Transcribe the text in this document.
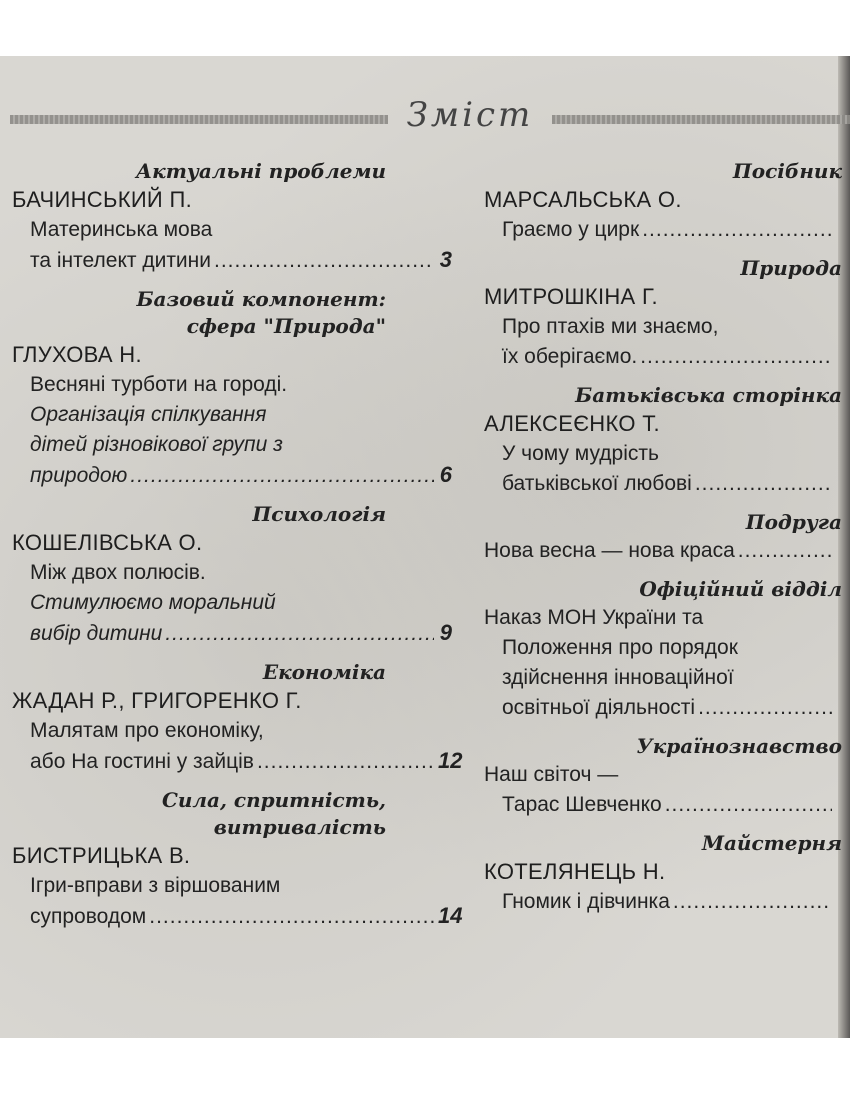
Зміст
Актуальні проблеми
БАЧИНСЬКИЙ П.
Материнська мова
та інтелект дитини .....	3
Базовий компонент:
сфера "Природа"
ГЛУХОВА Н.
Весняні турботи на городі.
Організація спілкування
дітей різновікової групи з
природою .....	6
Психологія
КОШЕЛІВСЬКА О.
Між двох полюсів.
Стимулюємо моральний
вибір дитини .....	9
Економіка
ЖАДАН Р., ГРИГОРЕНКО Г.
Малятам про економіку,
або На гостині у зайців .....	12
Сила, спритність,
витривалість
БИСТРИЦЬКА В.
Ігри-вправи з віршованим
супроводом .....	14
Посібник
МАРСАЛЬСЬКА О.
Граємо у цирк
.....
Природа
МИТРОШКІНА Г.
Про птахів ми знаємо,
їх оберігаємо.
.....
Батьківська сторінка
АЛЕКСЕЄНКО Т.
У чому мудрість
батьківської любові
.....
Подруга
Нова весна — нова краса
.....
Офіційний відділ
Наказ МОН України та
Положення про порядок
здійснення інноваційної
освітньої діяльності
.....
Українознавство
Наш світоч —
Тарас Шевченко
.....
Майстерня
КОТЕЛЯНЕЦЬ Н.
Гномик і дівчинка
.....
